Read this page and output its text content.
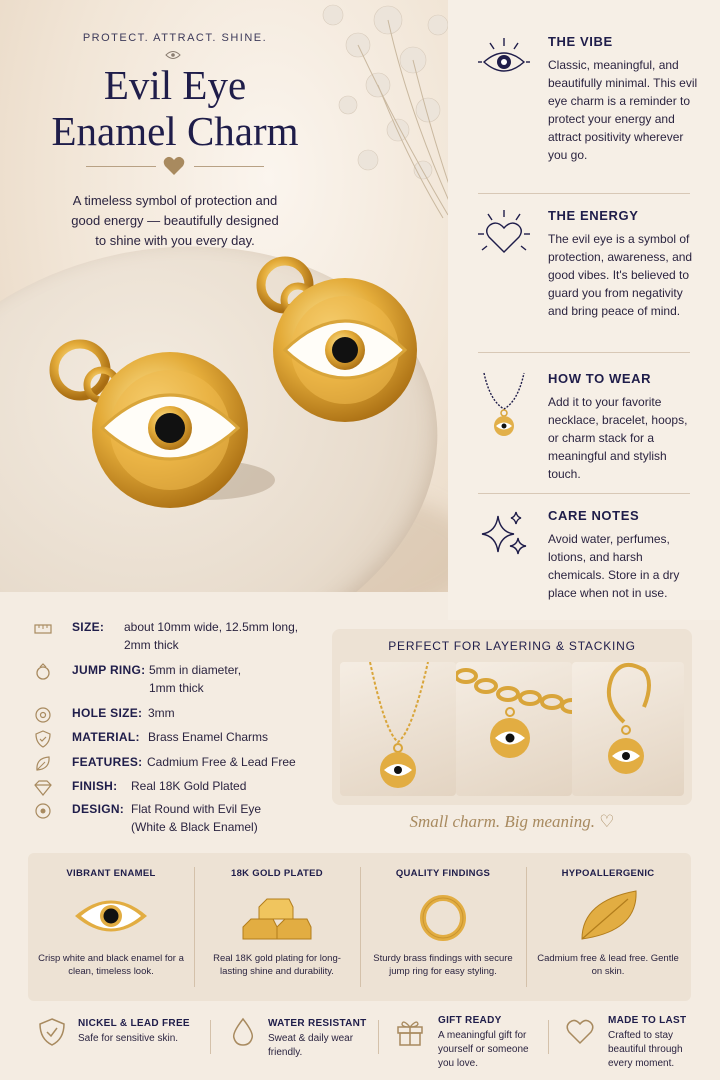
PROTECT. ATTRACT. SHINE.
Evil Eye
Enamel Charm
A timeless symbol of protection and good energy — beautifully designed to shine with you every day.
THE VIBE
Classic, meaningful, and beautifully minimal. This evil eye charm is a reminder to protect your energy and attract positivity wherever you go.
THE ENERGY
The evil eye is a symbol of protection, awareness, and good vibes. It's believed to guard you from negativity and bring peace of mind.
HOW TO WEAR
Add it to your favorite necklace, bracelet, hoops, or charm stack for a meaningful and stylish touch.
CARE NOTES
Avoid water, perfumes, lotions, and harsh chemicals. Store in a dry place when not in use.
SIZE: about 10mm wide, 12.5mm long,
2mm thick
JUMP RING: 5mm in diameter,
1mm thick
HOLE SIZE: 3mm
MATERIAL: Brass Enamel Charms
FEATURES: Cadmium Free & Lead Free
FINISH: Real 18K Gold Plated
DESIGN: Flat Round with Evil Eye
(White & Black Enamel)
PERFECT FOR LAYERING & STACKING
Small charm. Big meaning. ♡
VIBRANT ENAMEL
Crisp white and black enamel for a clean, timeless look.
18K GOLD PLATED
Real 18K gold plating for long-lasting shine and durability.
QUALITY FINDINGS
Sturdy brass findings with secure jump ring for easy styling.
HYPOALLERGENIC
Cadmium free & lead free. Gentle on skin.
NICKEL & LEAD FREE
Safe for sensitive skin.
WATER RESISTANT
Sweat & daily wear friendly.
GIFT READY
A meaningful gift for yourself or someone you love.
MADE TO LAST
Crafted to stay beautiful through every moment.
